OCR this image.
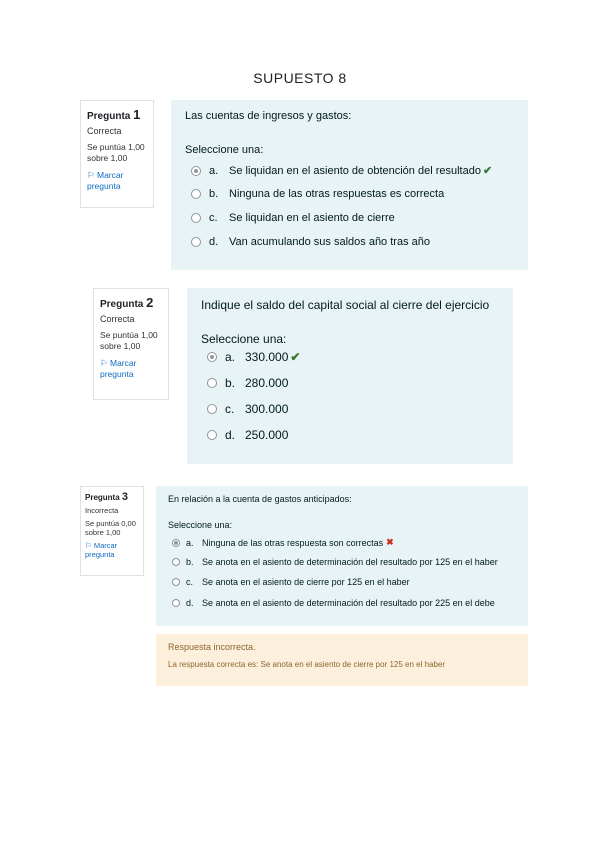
SUPUESTO 8
Pregunta 1
Correcta
Se puntúa 1,00
sobre 1,00
⚐ Marcar
pregunta
Las cuentas de ingresos y gastos:
Seleccione una:
a. Se liquidan en el asiento de obtención del resultado ✔
b. Ninguna de las otras respuestas es correcta
c.	Se liquidan en el asiento de cierre
d. Van acumulando sus saldos año tras año
Pregunta 2
Correcta
Se puntúa 1,00
sobre 1,00
⚐ Marcar
pregunta
Indique el saldo del capital social al cierre del ejercicio
Seleccione una:
a. 330.000 ✔
b. 280.000
c. 300.000
d. 250.000
Pregunta 3
Incorrecta
Se puntúa 0,00
sobre 1,00
⚐ Marcar
pregunta
En relación a la cuenta de gastos anticipados:
Seleccione una:
a. Ninguna de las otras respuesta son correctas ✖
b. Se anota en el asiento de determinación del resultado por 125 en el haber
c. Se anota en el asiento de cierre por 125 en el haber
d. Se anota en el asiento de determinación del resultado por 225 en el debe
Respuesta incorrecta.
La respuesta correcta es: Se anota en el asiento de cierre por 125 en el haber
